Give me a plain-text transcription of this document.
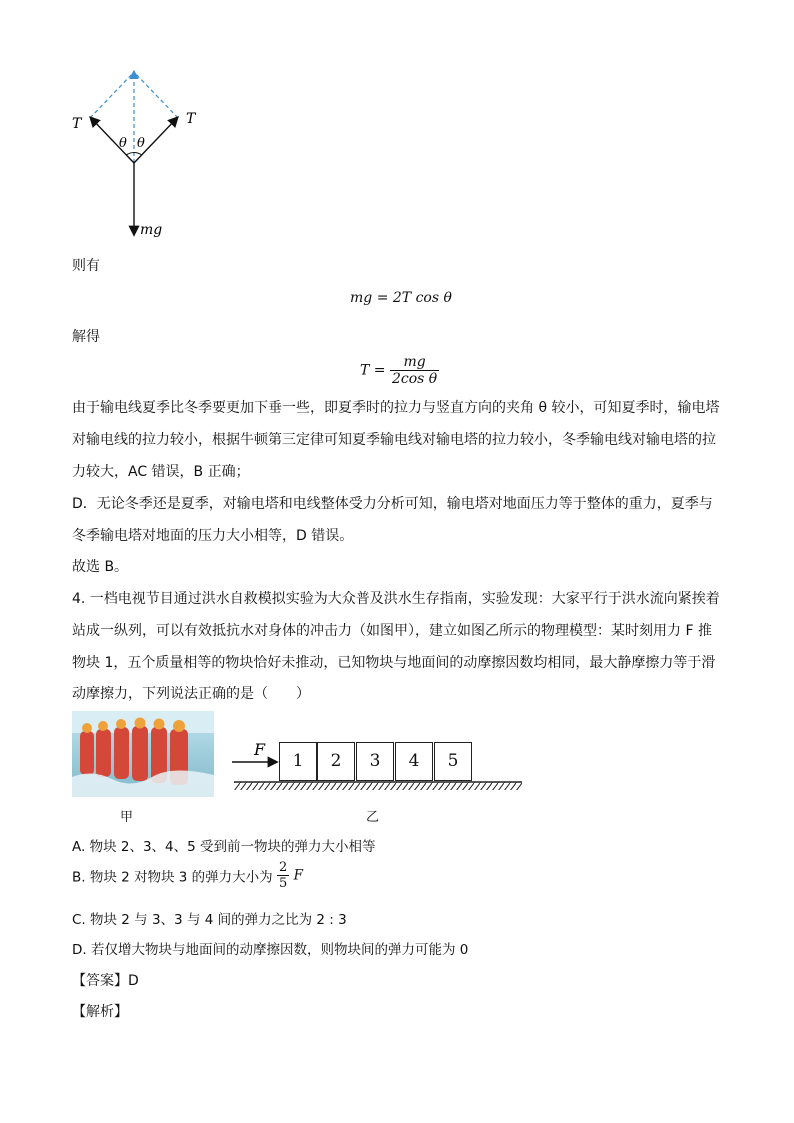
T	T
θ θ
mg
则有
mg = 2T cos θ
解得
$T = \frac{mg}{\text{2cos θ}}$
由于输电线夏季比冬季要更加下垂一些，即夏季时的拉力与竖直方向的夹角 θ 较小，可知夏季时，输电塔
对输电线的拉力较小，根据牛顿第三定律可知夏季输电线对输电塔的拉力较小，冬季输电线对输电塔的拉
力较大，AC 错误，B 正确；
D．无论冬季还是夏季，对输电塔和电线整体受力分析可知，输电塔对地面压力等于整体的重力，夏季与
冬季输电塔对地面的压力大小相等，D 错误。
故选 B。
4. 一档电视节目通过洪水自救模拟实验为大众普及洪水生存指南，实验发现：大家平行于洪水流向紧挨着
站成一纵列，可以有效抵抗水对身体的冲击力（如图甲），建立如图乙所示的物理模型：某时刻用力 F 推
物块 1，五个质量相等的物块恰好未推动，已知物块与地面间的动摩擦因数均相同，最大静摩擦力等于滑
动摩擦力，下列说法正确的是（　　）
甲
F
1	2	3	4	5
乙
A. 物块 2、3、4、5 受到前一物块的弹力大小相等
B. 物块 2 对物块 3 的弹力大小为 $\frac{2}{5}$ F
C. 物块 2 与 3、3 与 4 间的弹力之比为 2 : 3
D. 若仅增大物块与地面间的动摩擦因数，则物块间的弹力可能为 0
【答案】D
【解析】
